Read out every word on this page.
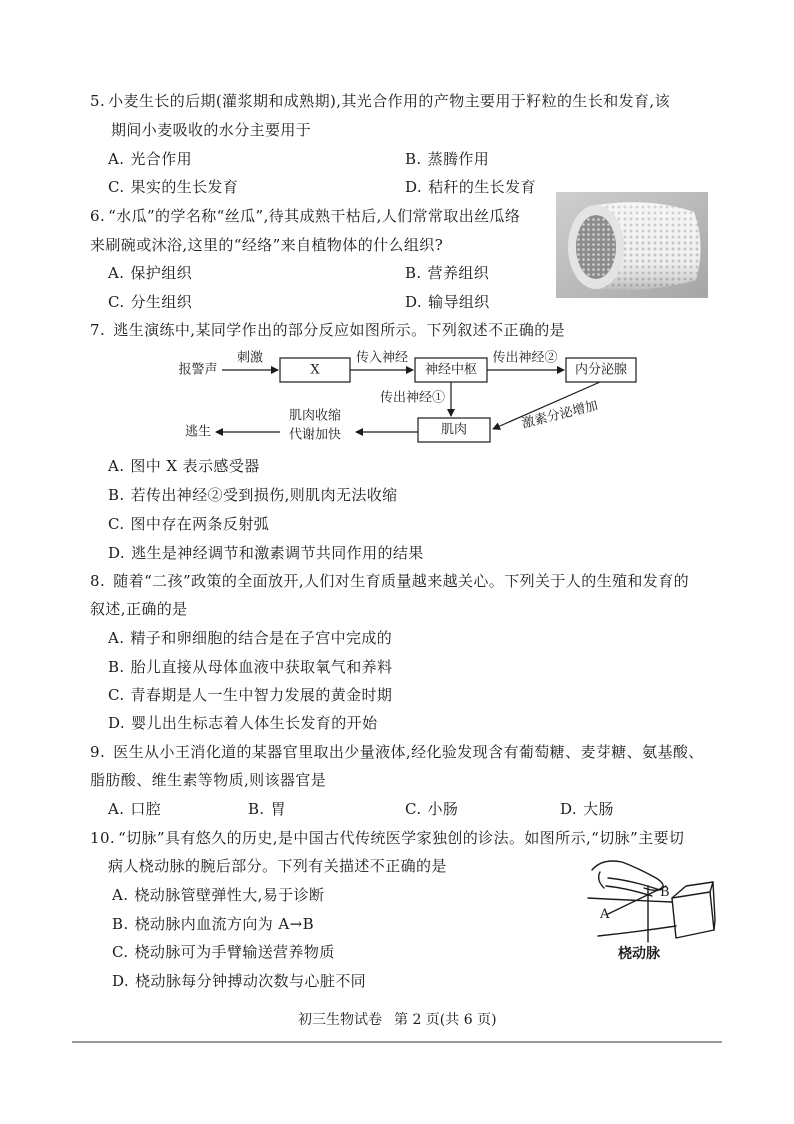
5. 小麦生长的后期(灌浆期和成熟期),其光合作用的产物主要用于籽粒的生长和发育,该
期间小麦吸收的水分主要用于
A. 光合作用	B. 蒸腾作用
C. 果实的生长发育	D. 秸秆的生长发育
6. “水瓜”的学名称“丝瓜”,待其成熟干枯后,人们常常取出丝瓜络
来刷碗或沐浴,这里的“经络”来自植物体的什么组织?
A. 保护组织	B. 营养组织
C. 分生组织	D. 输导组织
7. 逃生演练中,某同学作出的部分反应如图所示。下列叙述不正确的是
报警声
刺激
X
传入神经
神经中枢
传出神经②
内分泌腺
传出神经①
激素分泌增加
肌肉
肌肉收缩
代谢加快
逃生
A. 图中 X 表示感受器
B. 若传出神经②受到损伤,则肌肉无法收缩
C. 图中存在两条反射弧
D. 逃生是神经调节和激素调节共同作用的结果
8. 随着“二孩”政策的全面放开,人们对生育质量越来越关心。下列关于人的生殖和发育的
叙述,正确的是
A. 精子和卵细胞的结合是在子宫中完成的
B. 胎儿直接从母体血液中获取氧气和养料
C. 青春期是人一生中智力发展的黄金时期
D. 婴儿出生标志着人体生长发育的开始
9. 医生从小王消化道的某器官里取出少量液体,经化验发现含有葡萄糖、麦芽糖、氨基酸、
脂肪酸、维生素等物质,则该器官是
A. 口腔	B. 胃	C. 小肠	D. 大肠
10. “切脉”具有悠久的历史,是中国古代传统医学家独创的诊法。如图所示,“切脉”主要切
病人桡动脉的腕后部分。下列有关描述不正确的是
A. 桡动脉管壁弹性大,易于诊断
B. 桡动脉内血流方向为 A→B
C. 桡动脉可为手臂输送营养物质
D. 桡动脉每分钟搏动次数与心脏不同
A
B
桡动脉
初三生物试卷 第 2 页(共 6 页)
